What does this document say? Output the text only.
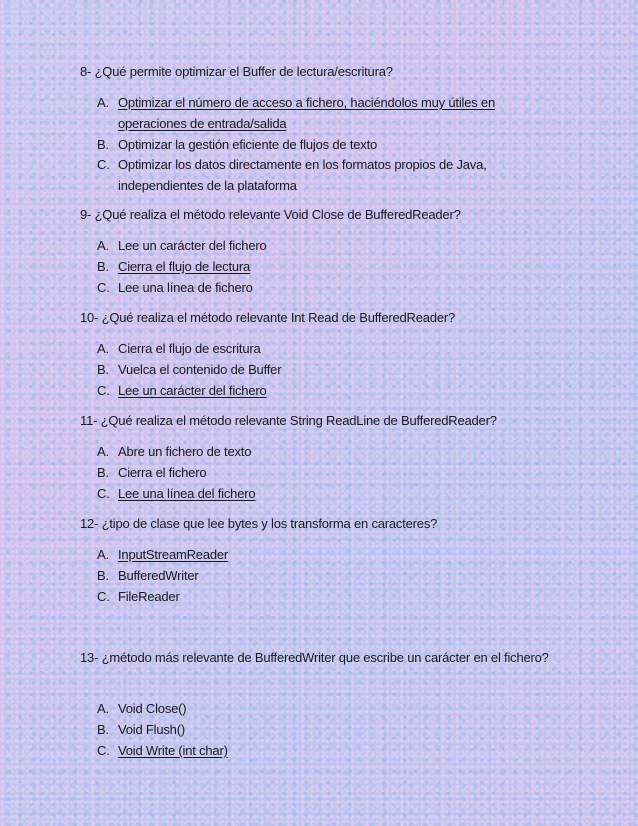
8- ¿Qué permite optimizar el Buffer de lectura/escritura?

A. Optimizar el número de acceso a fichero, haciéndolos muy útiles en operaciones de entrada/salida
B. Optimizar la gestión eficiente de flujos de texto
C. Optimizar los datos directamente en los formatos propios de Java, independientes de la plataforma

9- ¿Qué realiza el método relevante Void Close de BufferedReader?

A. Lee un carácter del fichero
B. Cierra el flujo de lectura
C. Lee una línea de fichero

10- ¿Qué realiza el método relevante Int Read de BufferedReader?

A. Cierra el flujo de escritura
B. Vuelca el contenido de Buffer
C. Lee un carácter del fichero

11- ¿Qué realiza el método relevante String ReadLine de BufferedReader?

A. Abre un fichero de texto
B. Cierra el fichero
C. Lee una línea del fichero

12- ¿tipo de clase que lee bytes y los transforma en caracteres?

A. InputStreamReader
B. BufferedWriter
C. FileReader

13- ¿método más relevante de BufferedWriter que escribe un carácter en el fichero?

A. Void Close()
B. Void Flush()
C. Void Write (int char)
